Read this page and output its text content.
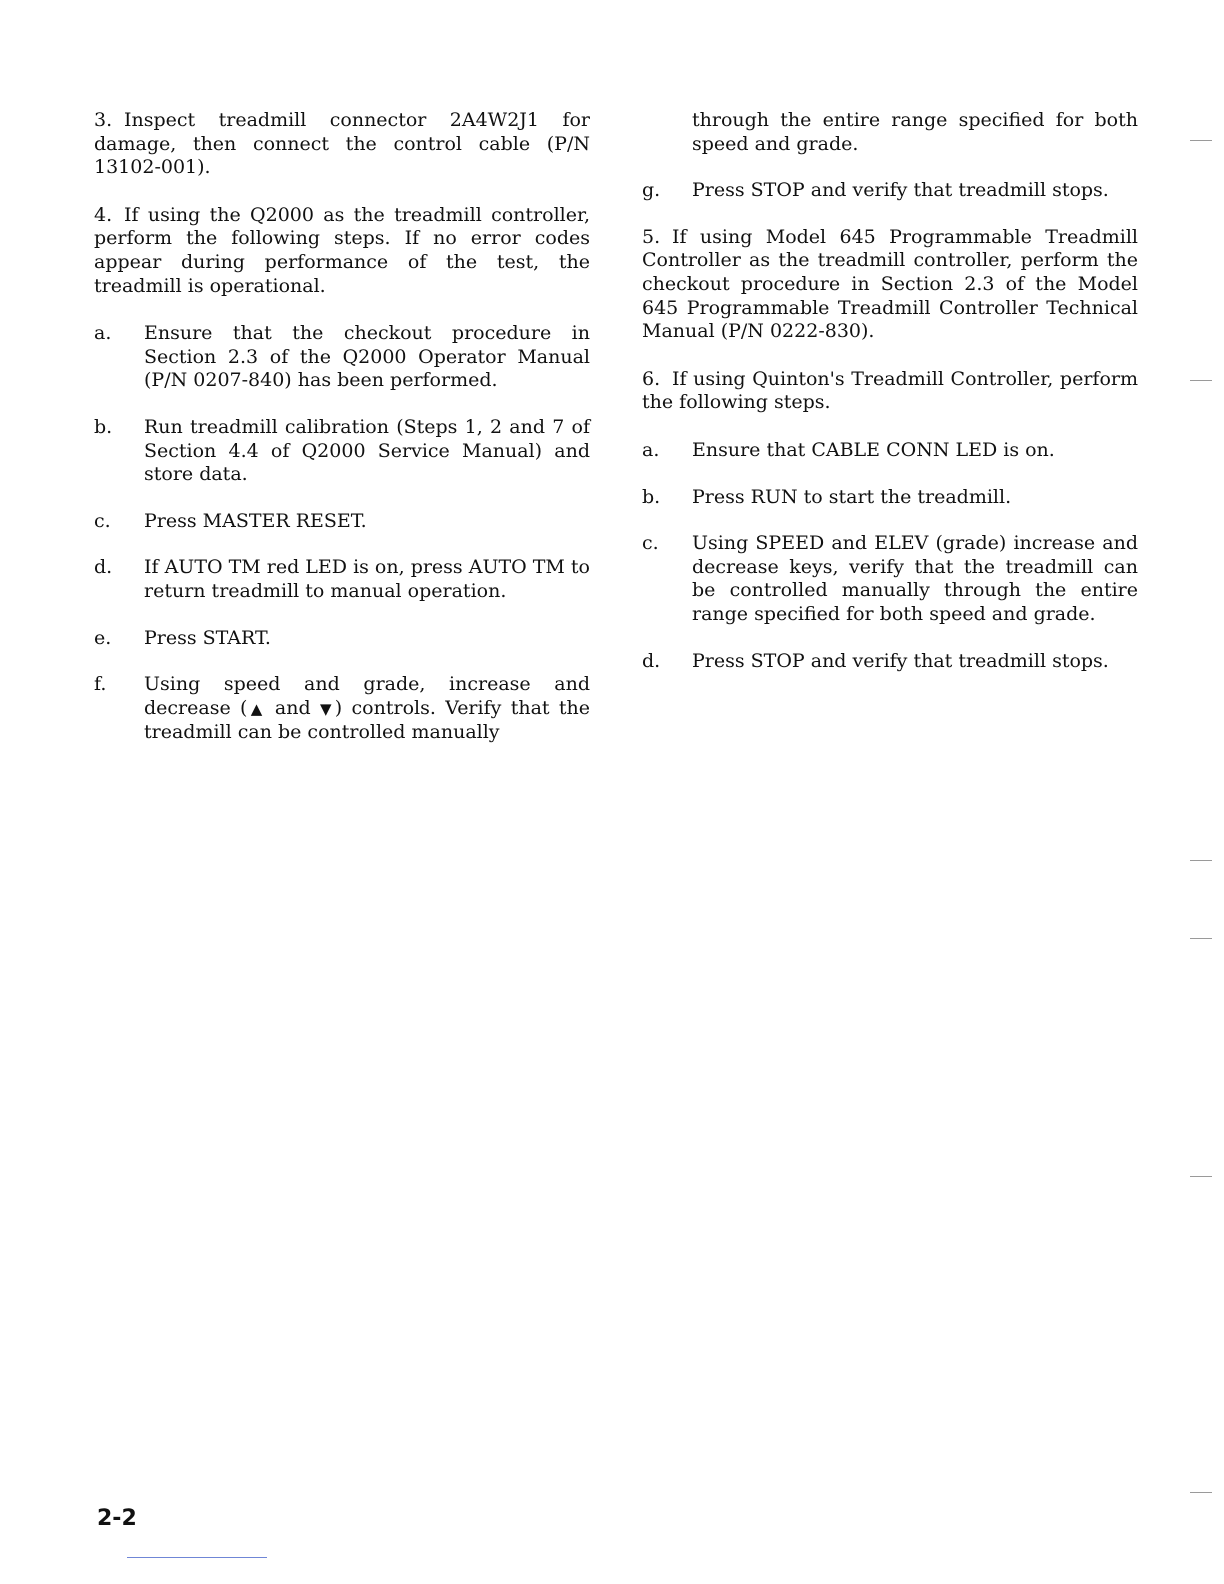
3. Inspect treadmill connector 2A4W2J1 for damage, then connect the control cable (P/N 13102-001).

4. If using the Q2000 as the treadmill controller, perform the following steps. If no error codes appear during performance of the test, the treadmill is operational.

a. Ensure that the checkout procedure in Section 2.3 of the Q2000 Operator Manual (P/N 0207-840) has been performed.
b. Run treadmill calibration (Steps 1, 2 and 7 of Section 4.4 of Q2000 Service Manual) and store data.
c. Press MASTER RESET.
d. If AUTO TM red LED is on, press AUTO TM to return treadmill to manual operation.
e. Press START.
f. Using speed and grade, increase and decrease (▲ and ▼) controls. Verify that the treadmill can be controlled manually
through the entire range specified for both speed and grade.
g. Press STOP and verify that treadmill stops.

5. If using Model 645 Programmable Treadmill Controller as the treadmill controller, perform the checkout procedure in Section 2.3 of the Model 645 Programmable Treadmill Controller Technical Manual (P/N 0222-830).

6. If using Quinton's Treadmill Controller, perform the following steps.

a. Ensure that CABLE CONN LED is on.
b. Press RUN to start the treadmill.
c. Using SPEED and ELEV (grade) increase and decrease keys, verify that the treadmill can be controlled manually through the entire range specified for both speed and grade.
d. Press STOP and verify that treadmill stops.
2-2
